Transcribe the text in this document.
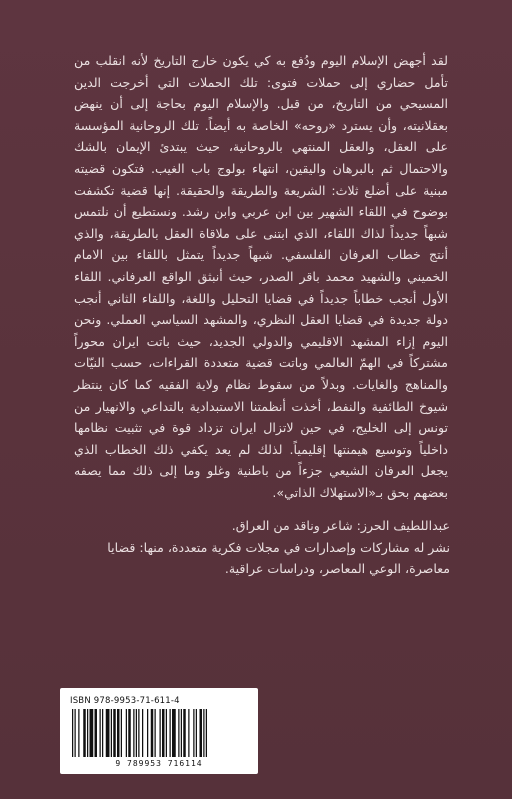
لقد أجهض الإسلام اليوم ودُفع به كي يكون خارج التاريخ لأنه انقلب من تأمل حضاري إلى حملات فتوى: تلك الحملات التي أخرجت الدين المسيحي من التاريخ، من قبل. والإسلام اليوم بحاجة إلى أن ينهض بعقلانيته، وأن يسترد «روحه» الخاصة به أيضاً. تلك الروحانية المؤسسة على العقل، والعقل المنتهي بالروحانية، حيث يبتدئ الإيمان بالشك والاحتمال ثم بالبرهان واليقين، انتهاء بولوج باب الغيب. فتكون قضيته مبنية على أضلع ثلاث: الشريعة والطريقة والحقيقة. إنها قضية تكشفت بوضوح في اللقاء الشهير بين ابن عربي وابن رشد. ونستطيع أن نلتمس شبهاً جديداً لذاك اللقاء، الذي ابتنى على ملاقاة العقل بالطريقة، والذي أنتج خطاب العرفان الفلسفي. شبهاً جديداً يتمثل باللقاء بين الامام الخميني والشهيد محمد باقر الصدر، حيث أنبثق الواقع العرفاني. اللقاء الأول أنجب خطاباً جديداً في قضايا التحليل واللغة، واللقاء الثاني أنجب دولة جديدة في قضايا العقل النظري، والمشهد السياسي العملي. ونحن اليوم إزاء المشهد الاقليمي والدولي الجديد، حيث باتت ايران محوراً مشتركاً في الهمّ العالمي وباتت قضية متعددة القراءات، حسب النيّات والمناهج والغايات. وبدلاً من سقوط نظام ولاية الفقيه كما كان ينتظر شيوخ الطائفية والنفط، أخذت أنظمتنا الاستبدادية بالتداعي والانهيار من تونس إلى الخليج، في حين لاتزال ايران تزداد قوة في تثبيت نظامها داخلياً وتوسيع هيمنتها إقليمياً. لذلك لم يعد يكفي ذلك الخطاب الذي يجعل العرفان الشيعي جزءاً من باطنية وغلو وما إلى ذلك مما يصفه بعضهم بحق بـ«الاستهلاك الذاتي».

عبداللطيف الحرز: شاعر وناقد من العراق.

نشر له مشاركات وإصدارات في مجلات فكرية متعددة، منها: قضايا معاصرة، الوعي المعاصر، ودراسات عراقية.

ISBN 978-9953-71-611-4
9 789953 716114
